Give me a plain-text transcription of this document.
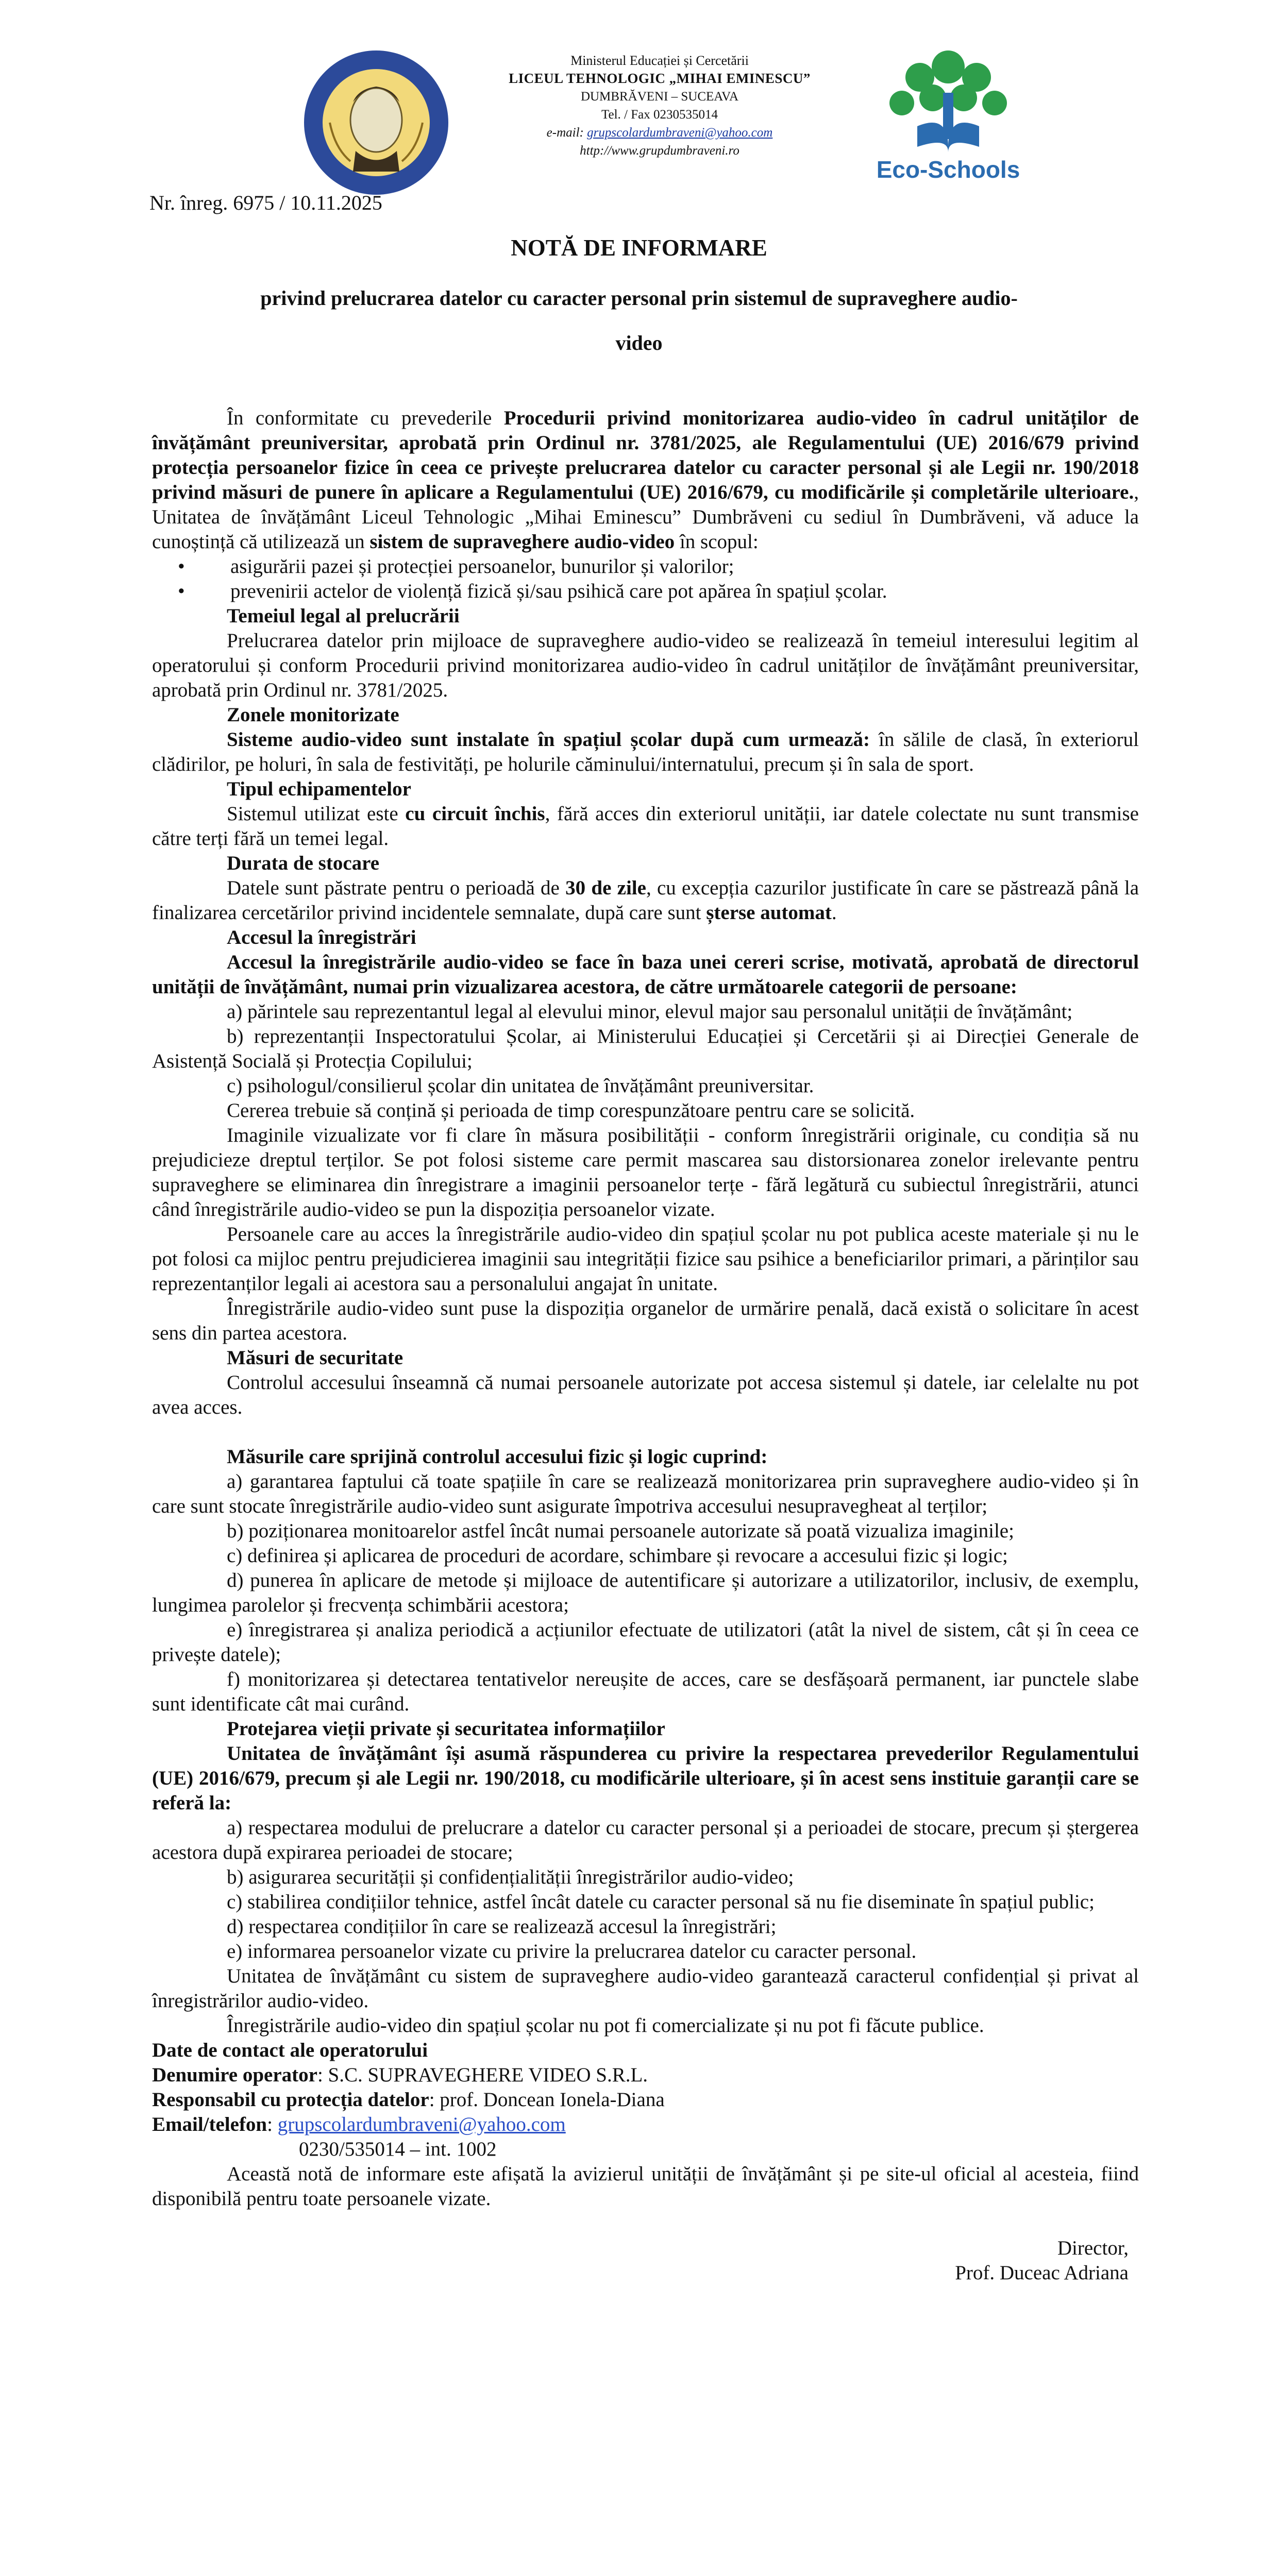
Ministerul Educației și Cercetării
LICEUL TEHNOLOGIC „MIHAI EMINESCU”
DUMBRĂVENI – SUCEAVA
Tel. / Fax 0230535014
e-mail: grupscolardumbraveni@yahoo.com
http://www.grupdumbraveni.ro
Eco-Schools
Nr. înreg. 6975 / 10.11.2025
NOTĂ DE INFORMARE
privind prelucrarea datelor cu caracter personal prin sistemul de supraveghere audio-video

În conformitate cu prevederile Procedurii privind monitorizarea audio-video în cadrul unităților de învățământ preuniversitar, aprobată prin Ordinul nr. 3781/2025, ale Regulamentului (UE) 2016/679 privind protecția persoanelor fizice în ceea ce privește prelucrarea datelor cu caracter personal și ale Legii nr. 190/2018 privind măsuri de punere în aplicare a Regulamentului (UE) 2016/679, cu modificările și completările ulterioare., Unitatea de învățământ Liceul Tehnologic „Mihai Eminescu” Dumbrăveni cu sediul în Dumbrăveni, vă aduce la cunoștință că utilizează un sistem de supraveghere audio-video în scopul:

• asigurării pazei și protecției persoanelor, bunurilor și valorilor;
• prevenirii actelor de violență fizică și/sau psihică care pot apărea în spațiul școlar.

Temeiul legal al prelucrării

Prelucrarea datelor prin mijloace de supraveghere audio-video se realizează în temeiul interesului legitim al operatorului și conform Procedurii privind monitorizarea audio-video în cadrul unităților de învățământ preuniversitar, aprobată prin Ordinul nr. 3781/2025.

Zonele monitorizate

Sisteme audio-video sunt instalate în spațiul școlar după cum urmează: în sălile de clasă, în exteriorul clădirilor, pe holuri, în sala de festivități, pe holurile căminului/internatului, precum și în sala de sport.

Tipul echipamentelor

Sistemul utilizat este cu circuit închis, fără acces din exteriorul unității, iar datele colectate nu sunt transmise către terți fără un temei legal.

Durata de stocare

Datele sunt păstrate pentru o perioadă de 30 de zile, cu excepția cazurilor justificate în care se păstrează până la finalizarea cercetărilor privind incidentele semnalate, după care sunt șterse automat.

Accesul la înregistrări

Accesul la înregistrările audio-video se face în baza unei cereri scrise, motivată, aprobată de directorul unității de învățământ, numai prin vizualizarea acestora, de către următoarele categorii de persoane:

a) părintele sau reprezentantul legal al elevului minor, elevul major sau personalul unității de învățământ;

b) reprezentanții Inspectoratului Școlar, ai Ministerului Educației și Cercetării și ai Direcției Generale de Asistență Socială și Protecția Copilului;

c) psihologul/consilierul școlar din unitatea de învățământ preuniversitar.

Cererea trebuie să conțină și perioada de timp corespunzătoare pentru care se solicită.

Imaginile vizualizate vor fi clare în măsura posibilității - conform înregistrării originale, cu condiția să nu prejudicieze dreptul terților. Se pot folosi sisteme care permit mascarea sau distorsionarea zonelor irelevante pentru supraveghere se eliminarea din înregistrare a imaginii persoanelor terțe - fără legătură cu subiectul înregistrării, atunci când înregistrările audio-video se pun la dispoziția persoanelor vizate.

Persoanele care au acces la înregistrările audio-video din spațiul școlar nu pot publica aceste materiale și nu le pot folosi ca mijloc pentru prejudicierea imaginii sau integrității fizice sau psihice a beneficiarilor primari, a părinților sau reprezentanților legali ai acestora sau a personalului angajat în unitate.

Înregistrările audio-video sunt puse la dispoziția organelor de urmărire penală, dacă există o solicitare în acest sens din partea acestora.

Măsuri de securitate

Controlul accesului înseamnă că numai persoanele autorizate pot accesa sistemul și datele, iar celelalte nu pot avea acces.

Măsurile care sprijină controlul accesului fizic și logic cuprind:

a) garantarea faptului că toate spațiile în care se realizează monitorizarea prin supraveghere audio-video și în care sunt stocate înregistrările audio-video sunt asigurate împotriva accesului nesupravegheat al terților;

b) poziționarea monitoarelor astfel încât numai persoanele autorizate să poată vizualiza imaginile;

c) definirea și aplicarea de proceduri de acordare, schimbare și revocare a accesului fizic și logic;

d) punerea în aplicare de metode și mijloace de autentificare și autorizare a utilizatorilor, inclusiv, de exemplu, lungimea parolelor și frecvența schimbării acestora;

e) înregistrarea și analiza periodică a acțiunilor efectuate de utilizatori (atât la nivel de sistem, cât și în ceea ce privește datele);

f) monitorizarea și detectarea tentativelor nereușite de acces, care se desfășoară permanent, iar punctele slabe sunt identificate cât mai curând.

Protejarea vieții private și securitatea informațiilor

Unitatea de învățământ își asumă răspunderea cu privire la respectarea prevederilor Regulamentului (UE) 2016/679, precum și ale Legii nr. 190/2018, cu modificările ulterioare, și în acest sens instituie garanții care se referă la:

a) respectarea modului de prelucrare a datelor cu caracter personal și a perioadei de stocare, precum și ștergerea acestora după expirarea perioadei de stocare;

b) asigurarea securității și confidențialității înregistrărilor audio-video;

c) stabilirea condițiilor tehnice, astfel încât datele cu caracter personal să nu fie diseminate în spațiul public;

d) respectarea condițiilor în care se realizează accesul la înregistrări;

e) informarea persoanelor vizate cu privire la prelucrarea datelor cu caracter personal.

Unitatea de învățământ cu sistem de supraveghere audio-video garantează caracterul confidențial și privat al înregistrărilor audio-video.

Înregistrările audio-video din spațiul școlar nu pot fi comercializate și nu pot fi făcute publice.

Date de contact ale operatorului

Denumire operator: S.C. SUPRAVEGHERE VIDEO S.R.L.

Responsabil cu protecția datelor: prof. Doncean Ionela-Diana

Email/telefon: grupscolardumbraveni@yahoo.com

0230/535014 – int. 1002

Această notă de informare este afișată la avizierul unității de învățământ și pe site-ul oficial al acesteia, fiind disponibilă pentru toate persoanele vizate.

Director,

Prof. Duceac Adriana
